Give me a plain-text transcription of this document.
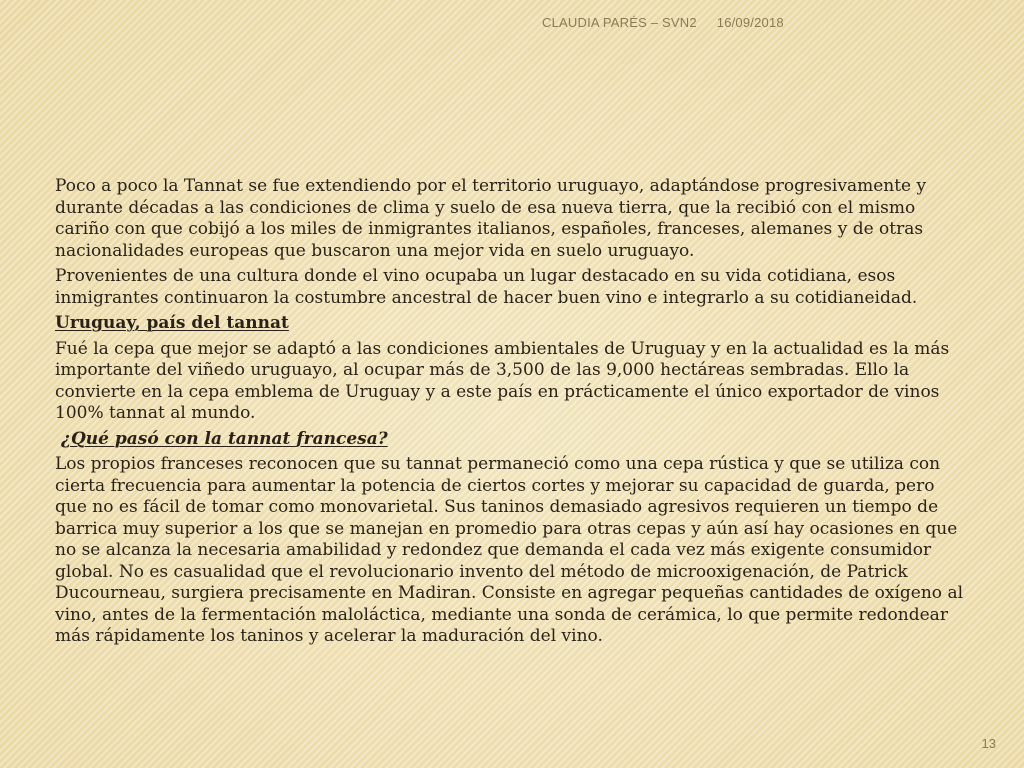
CLAUDIA PARÉS – SVN2 16/09/2018

Poco a poco la Tannat se fue extendiendo por el territorio uruguayo, adaptándose progresivamente y durante décadas a las condiciones de clima y suelo de esa nueva tierra, que la recibió con el mismo cariño con que cobijó a los miles de inmigrantes italianos, españoles, franceses, alemanes y de otras nacionalidades europeas que buscaron una mejor vida en suelo uruguayo.

Provenientes de una cultura donde el vino ocupaba un lugar destacado en su vida cotidiana, esos inmigrantes continuaron la costumbre ancestral de hacer buen vino e integrarlo a su cotidianeidad.

Uruguay, país del tannat

Fué la cepa que mejor se adaptó a las condiciones ambientales de Uruguay y en la actualidad es la más importante del viñedo uruguayo, al ocupar más de 3,500 de las 9,000 hectáreas sembradas. Ello la convierte en la cepa emblema de Uruguay y a este país en prácticamente el único exportador de vinos 100% tannat al mundo.

¿Qué pasó con la tannat francesa?

Los propios franceses reconocen que su tannat permaneció como una cepa rústica y que se utiliza con cierta frecuencia para aumentar la potencia de ciertos cortes y mejorar su capacidad de guarda, pero que no es fácil de tomar como monovarietal. Sus taninos demasiado agresivos requieren un tiempo de barrica muy superior a los que se manejan en promedio para otras cepas y aún así hay ocasiones en que no se alcanza la necesaria amabilidad y redondez que demanda el cada vez más exigente consumidor global. No es casualidad que el revolucionario invento del método de microoxigenación, de Patrick Ducourneau, surgiera precisamente en Madiran. Consiste en agregar pequeñas cantidades de oxígeno al vino, antes de la fermentación maloláctica, mediante una sonda de cerámica, lo que permite redondear más rápidamente los taninos y acelerar la maduración del vino.

13
